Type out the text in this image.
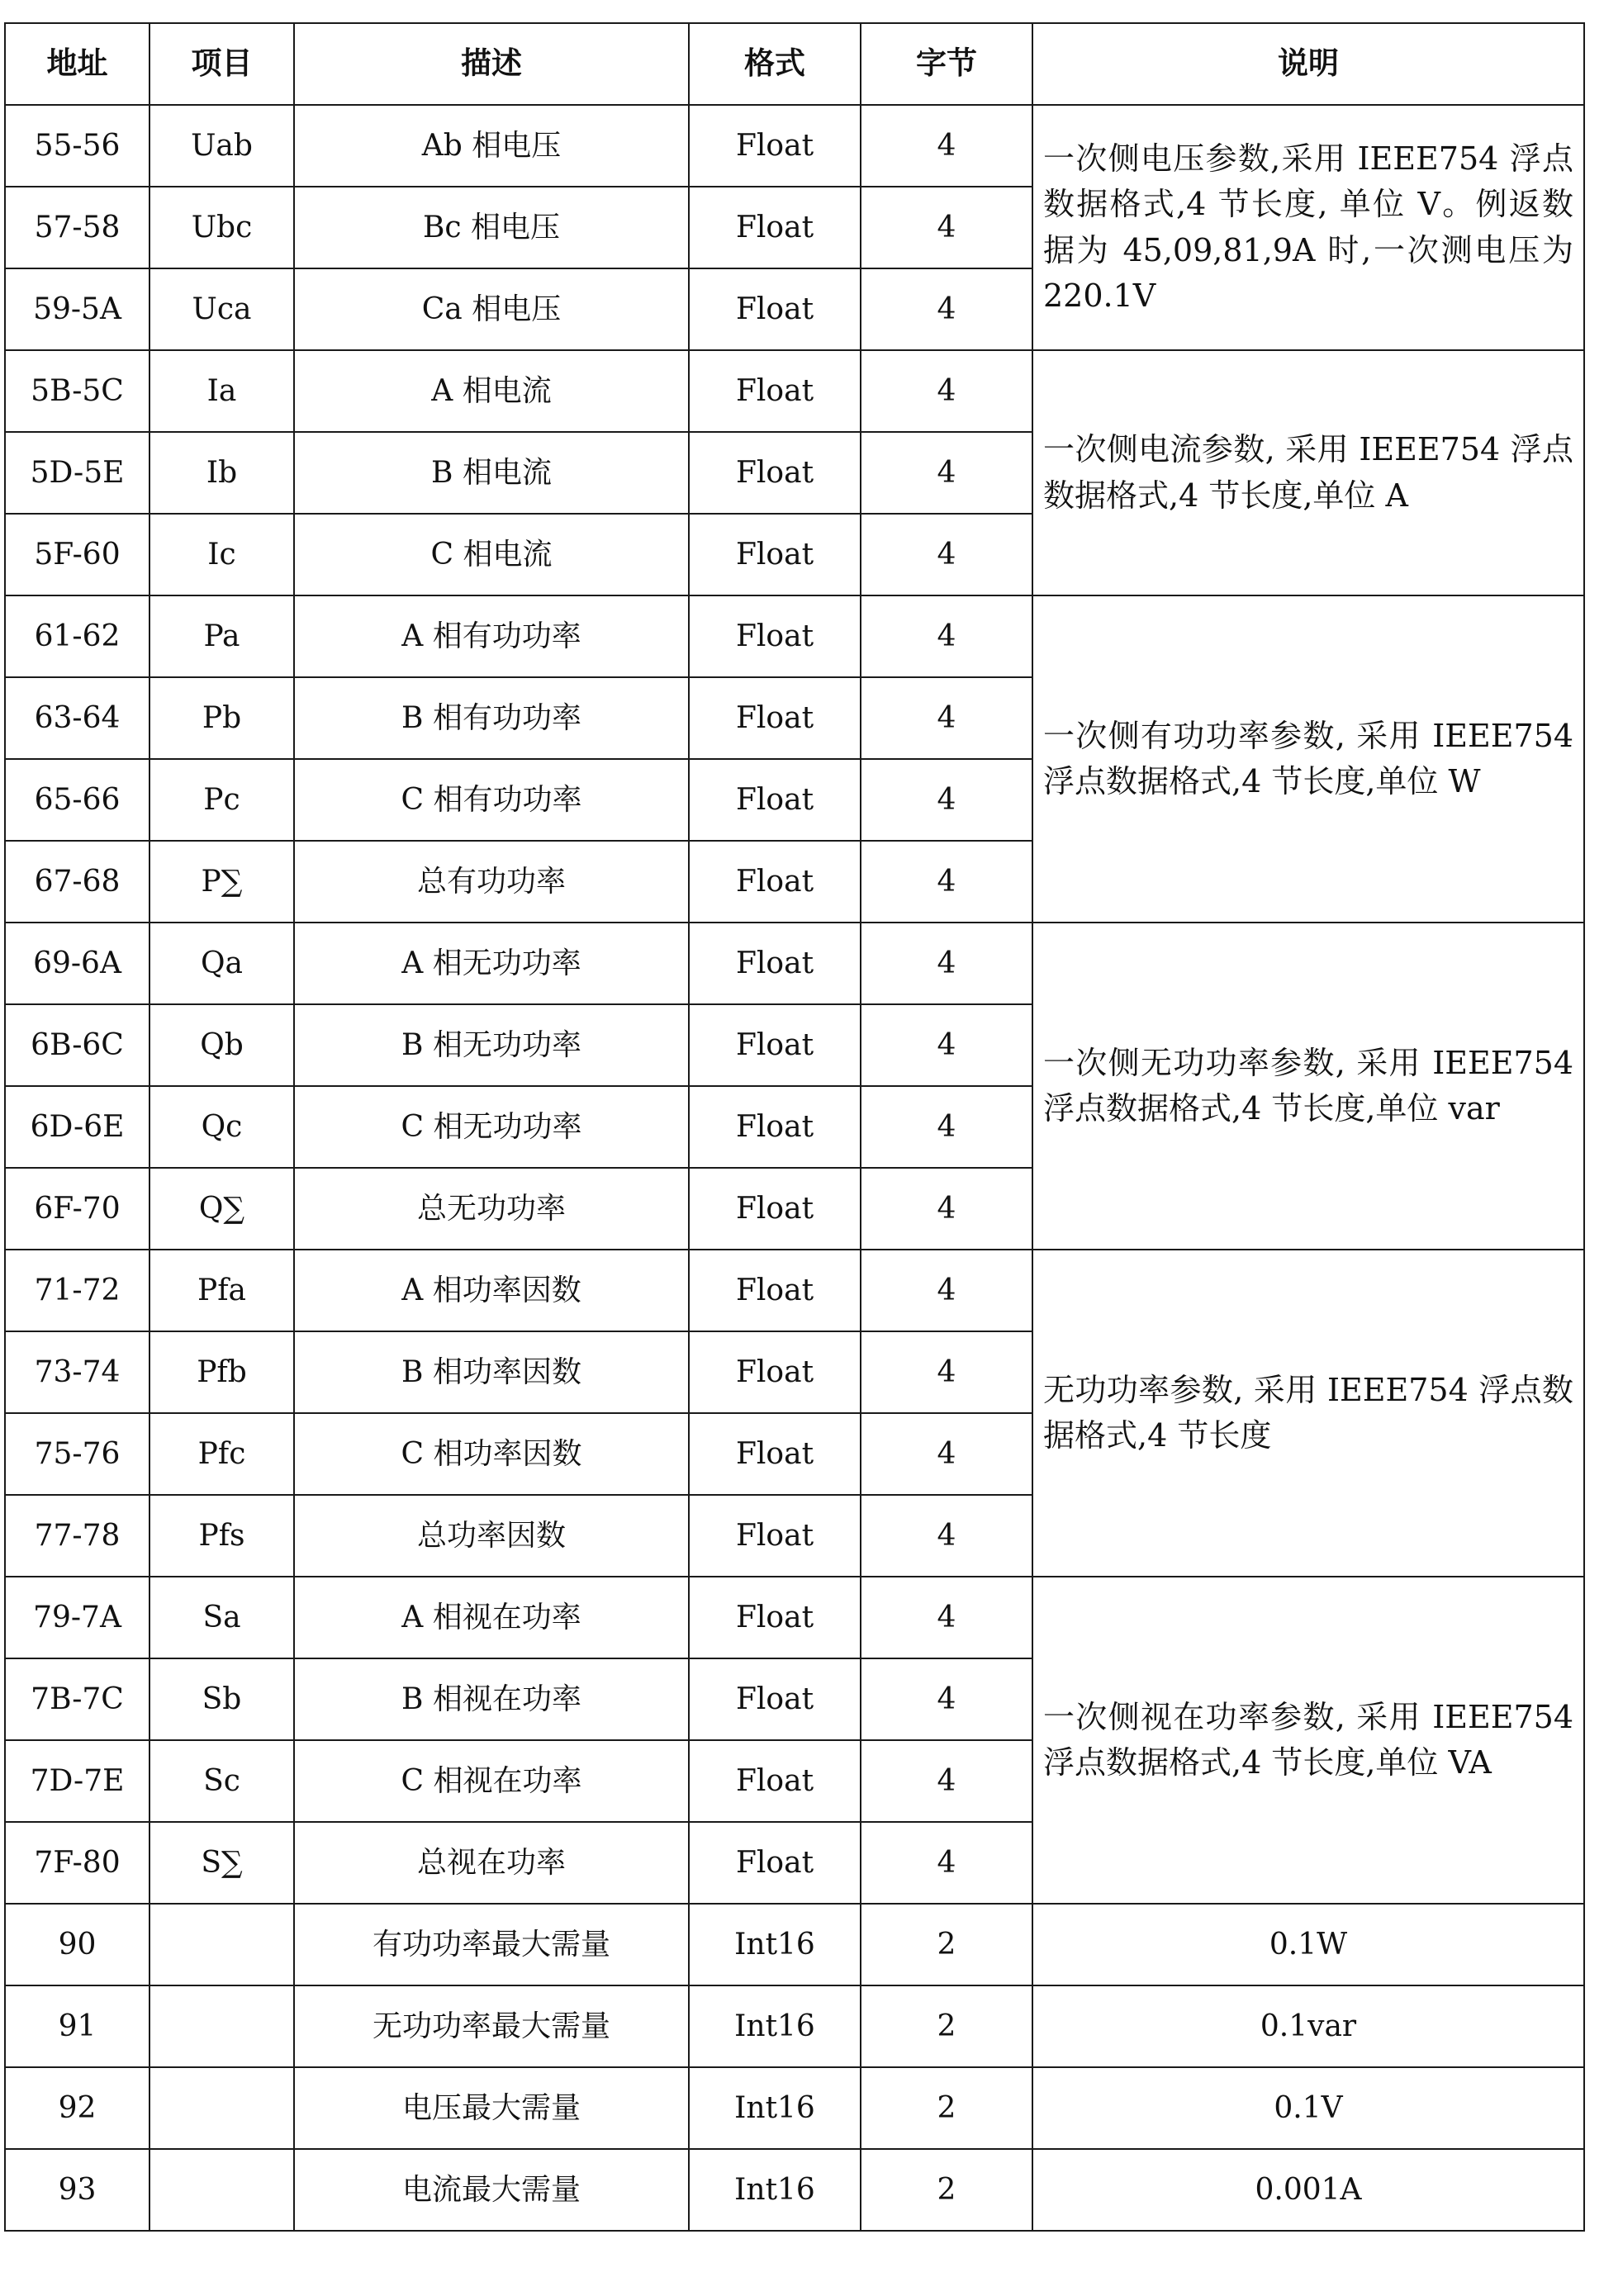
地址	项目	描述	格式	字节	说明
55-56	Uab	Ab 相电压	Float	4	一次侧电压参数,采用 IEEE754 浮点数据格式,4 节长度, 单位 V。例返数据为 45,09,81,9A 时,一次测电压为 220.1V
57-58	Ubc	Bc 相电压	Float	4	
59-5A	Uca	Ca 相电压	Float	4	
5B-5C	Ia	A 相电流	Float	4	一次侧电流参数, 采用 IEEE754 浮点数据格式,4 节长度,单位 A
5D-5E	Ib	B 相电流	Float	4	
5F-60	Ic	C 相电流	Float	4	
61-62	Pa	A 相有功功率	Float	4	一次侧有功功率参数, 采用 IEEE754 浮点数据格式,4 节长度,单位 W
63-64	Pb	B 相有功功率	Float	4	
65-66	Pc	C 相有功功率	Float	4	
67-68	P∑	总有功功率	Float	4	
69-6A	Qa	A 相无功功率	Float	4	一次侧无功功率参数, 采用 IEEE754 浮点数据格式,4 节长度,单位 var
6B-6C	Qb	B 相无功功率	Float	4	
6D-6E	Qc	C 相无功功率	Float	4	
6F-70	Q∑	总无功功率	Float	4	
71-72	Pfa	A 相功率因数	Float	4	无功功率参数, 采用 IEEE754 浮点数据格式,4 节长度
73-74	Pfb	B 相功率因数	Float	4	
75-76	Pfc	C 相功率因数	Float	4	
77-78	Pfs	总功率因数	Float	4	
79-7A	Sa	A 相视在功率	Float	4	一次侧视在功率参数, 采用 IEEE754 浮点数据格式,4 节长度,单位 VA
7B-7C	Sb	B 相视在功率	Float	4	
7D-7E	Sc	C 相视在功率	Float	4	
7F-80	S∑	总视在功率	Float	4	
90		有功功率最大需量	Int16	2	0.1W
91		无功功率最大需量	Int16	2	0.1var
92		电压最大需量	Int16	2	0.1V
93		电流最大需量	Int16	2	0.001A
